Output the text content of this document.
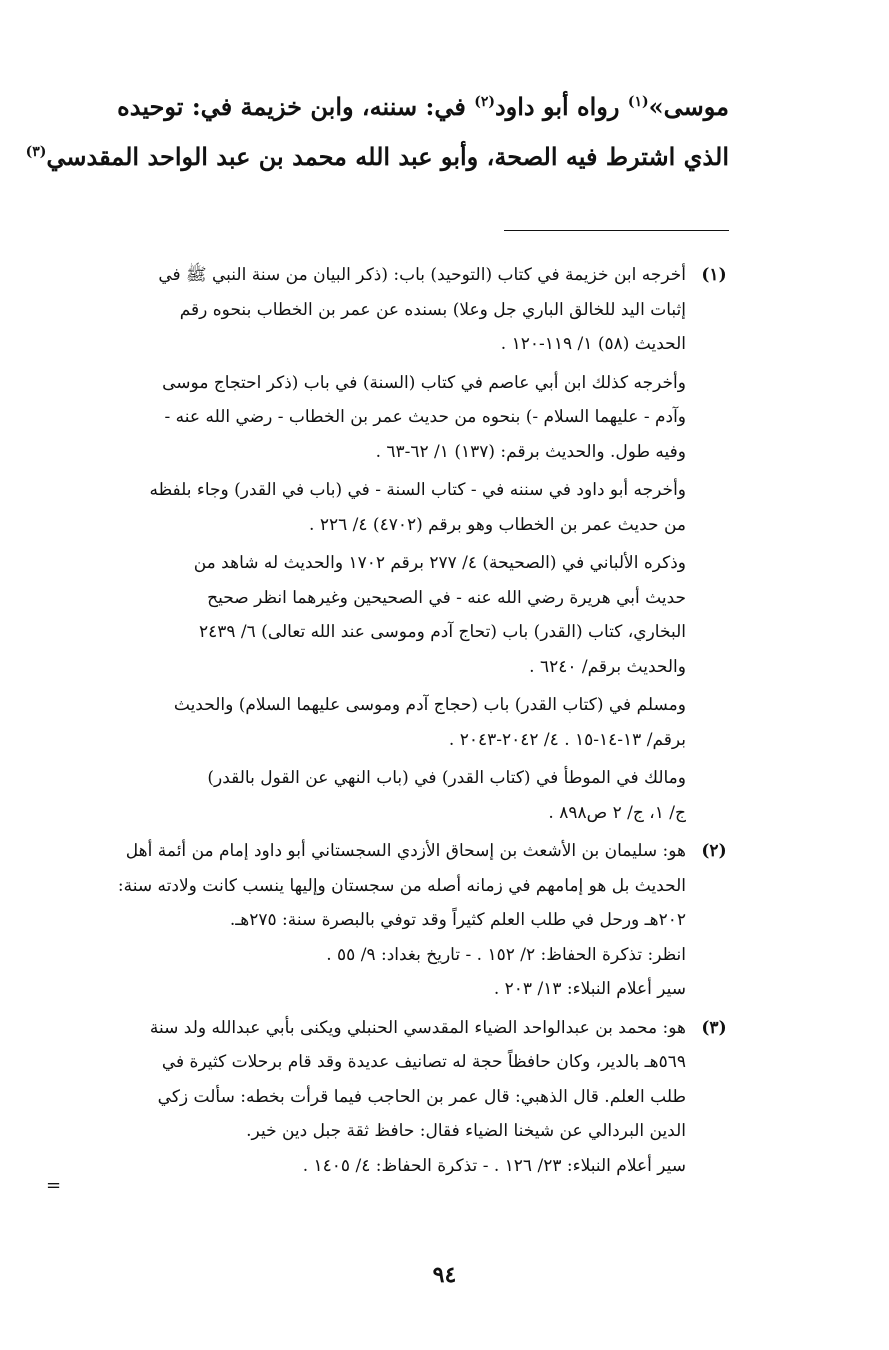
موسى»$^{(١)}$ رواه أبو داود$^{(٢)}$ في: سننه، وابن خزيمة في: توحيده
الذي اشترط فيه الصحة، وأبو عبد الله محمد بن عبد الواحد المقدسي$^{(٣)}$
(١)
أخرجه ابن خزيمة في كتاب (التوحيد) باب: (ذكر البيان من سنة النبي ﷺ في
إثبات اليد للخالق الباري جل وعلا) بسنده عن عمر بن الخطاب بنحوه رقم
الحديث (٥٨) ١/ ١١٩-١٢٠ .
وأخرجه كذلك ابن أبي عاصم في كتاب (السنة) في باب (ذكر احتجاج موسى
وآدم - عليهما السلام -) بنحوه من حديث عمر بن الخطاب - رضي الله عنه -
وفيه طول. والحديث برقم: (١٣٧) ١/ ٦٢-٦٣ .
وأخرجه أبو داود في سننه في - كتاب السنة - في (باب في القدر) وجاء بلفظه
من حديث عمر بن الخطاب وهو برقم (٤٧٠٢) ٤/ ٢٢٦ .
وذكره الألباني في (الصحيحة) ٤/ ٢٧٧ برقم ١٧٠٢ والحديث له شاهد من
حديث أبي هريرة رضي الله عنه - في الصحيحين وغيرهما انظر صحيح
البخاري، كتاب (القدر) باب (تحاج آدم وموسى عند الله تعالى) ٦/ ٢٤٣٩
والحديث برقم/ ٦٢٤٠ .
ومسلم في (كتاب القدر) باب (حجاج آدم وموسى عليهما السلام) والحديث
برقم/ ١٣-١٤-١٥ . ٤/ ٢٠٤٢-٢٠٤٣ .
ومالك في الموطأ في (كتاب القدر) في (باب النهي عن القول بالقدر)
ج/ ١، ج/ ٢ ص٨٩٨ .
(٢)
هو: سليمان بن الأشعث بن إسحاق الأزدي السجستاني أبو داود إمام من أئمة أهل
الحديث بل هو إمامهم في زمانه أصله من سجستان وإليها ينسب كانت ولادته سنة:
٢٠٢هـ ورحل في طلب العلم كثيراً وقد توفي بالبصرة سنة: ٢٧٥هـ.
انظر: تذكرة الحفاظ: ٢/ ١٥٢ . - تاريخ بغداد: ٩/ ٥٥ .
سير أعلام النبلاء: ١٣/ ٢٠٣ .
(٣)
هو: محمد بن عبدالواحد الضياء المقدسي الحنبلي ويكنى بأبي عبدالله ولد سنة
٥٦٩هـ بالدير، وكان حافظاً حجة له تصانيف عديدة وقد قام برحلات كثيرة في
طلب العلم. قال الذهبي: قال عمر بن الحاجب فيما قرأت بخطه: سألت زكي
الدين البردالي عن شيخنا الضياء فقال: حافظ ثقة جبل دين خير.
سير أعلام النبلاء: ٢٣/ ١٢٦ . - تذكرة الحفاظ: ٤/ ١٤٠٥ .
=
٩٤
